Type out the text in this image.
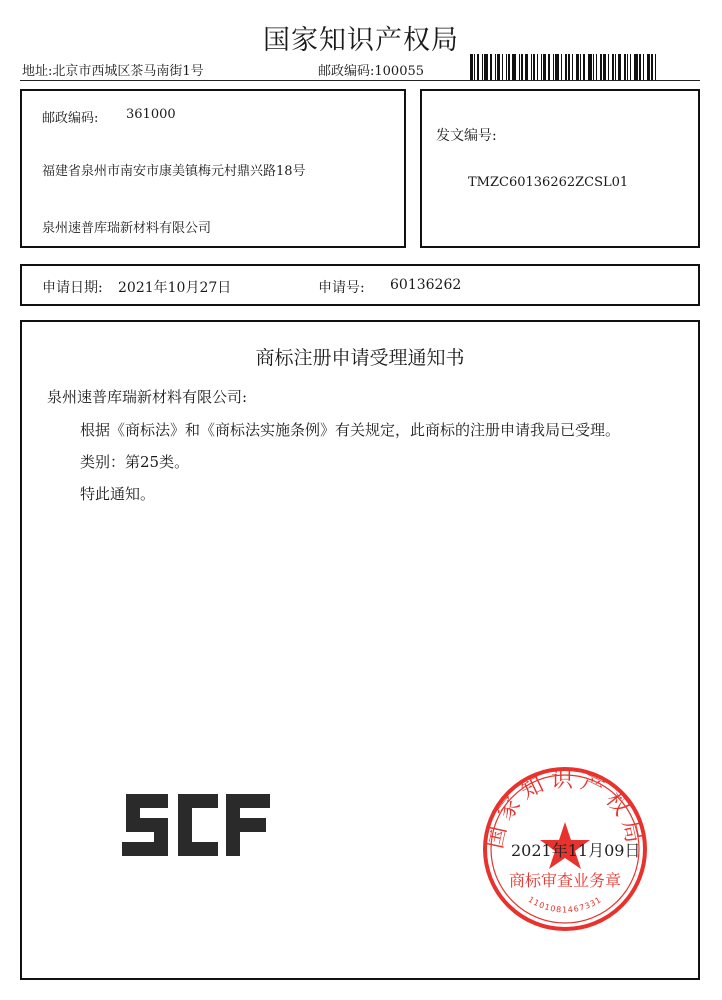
国家知识产权局
地址:北京市西城区茶马南街1号	邮政编码:100055
邮政编码: 361000
福建省泉州市南安市康美镇梅元村鼎兴路18号
泉州速普库瑞新材料有限公司
发文编号:
TMZC60136262ZCSL01
申请日期: 2021年10月27日	申请号: 60136262
商标注册申请受理通知书
泉州速普库瑞新材料有限公司:
根据《商标法》和《商标法实施条例》有关规定，此商标的注册申请我局已受理。
类别：第25类。
特此通知。
国家知识产权局
商标审查业务章
1101081467331
2021年11月09日
